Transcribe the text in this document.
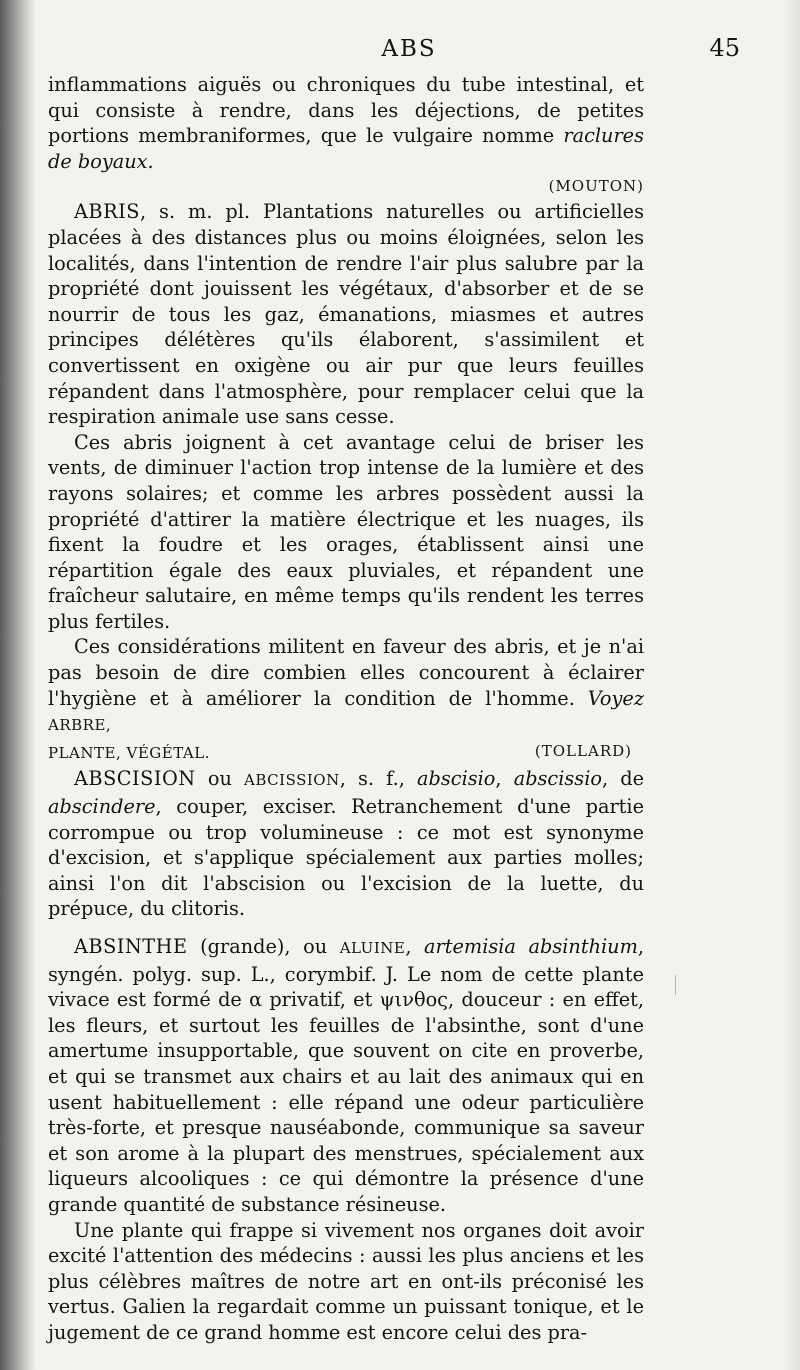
ABS	45

inflammations aiguës ou chroniques du tube intestinal, et qui consiste à rendre, dans les déjections, de petites portions membraniformes, que le vulgaire nomme raclures de boyaux.

(MOUTON)

ABRIS, s. m. pl. Plantations naturelles ou artificielles placées à des distances plus ou moins éloignées, selon les localités, dans l'intention de rendre l'air plus salubre par la propriété dont jouissent les végétaux, d'absorber et de se nourrir de tous les gaz, émanations, miasmes et autres principes délétères qu'ils élaborent, s'assimilent et convertissent en oxigène ou air pur que leurs feuilles répandent dans l'atmosphère, pour remplacer celui que la respiration animale use sans cesse.

Ces abris joignent à cet avantage celui de briser les vents, de diminuer l'action trop intense de la lumière et des rayons solaires; et comme les arbres possèdent aussi la propriété d'attirer la matière électrique et les nuages, ils fixent la foudre et les orages, établissent ainsi une répartition égale des eaux pluviales, et répandent une fraîcheur salutaire, en même temps qu'ils rendent les terres plus fertiles.

Ces considérations militent en faveur des abris, et je n'ai pas besoin de dire combien elles concourent à éclairer l'hygiène et à améliorer la condition de l'homme. Voyez ARBRE,

PLANTE, VÉGÉTAL.	(TOLLARD)

ABSCISION ou ABCISSION, s. f., abscisio, abscissio, de abscindere, couper, exciser. Retranchement d'une partie corrompue ou trop volumineuse : ce mot est synonyme d'excision, et s'applique spécialement aux parties molles; ainsi l'on dit l'abscision ou l'excision de la luette, du prépuce, du clitoris.

ABSINTHE (grande), ou ALUINE, artemisia absinthium, syngén. polyg. sup. L., corymbif. J. Le nom de cette plante vivace est formé de α privatif, et ψινθος, douceur : en effet, les fleurs, et surtout les feuilles de l'absinthe, sont d'une amertume insupportable, que souvent on cite en proverbe, et qui se transmet aux chairs et au lait des animaux qui en usent habituellement : elle répand une odeur particulière très-forte, et presque nauséabonde, communique sa saveur et son arome à la plupart des menstrues, spécialement aux liqueurs alcooliques : ce qui démontre la présence d'une grande quantité de substance résineuse.

Une plante qui frappe si vivement nos organes doit avoir excité l'attention des médecins : aussi les plus anciens et les plus célèbres maîtres de notre art en ont-ils préconisé les vertus. Galien la regardait comme un puissant tonique, et le jugement de ce grand homme est encore celui des pra-
